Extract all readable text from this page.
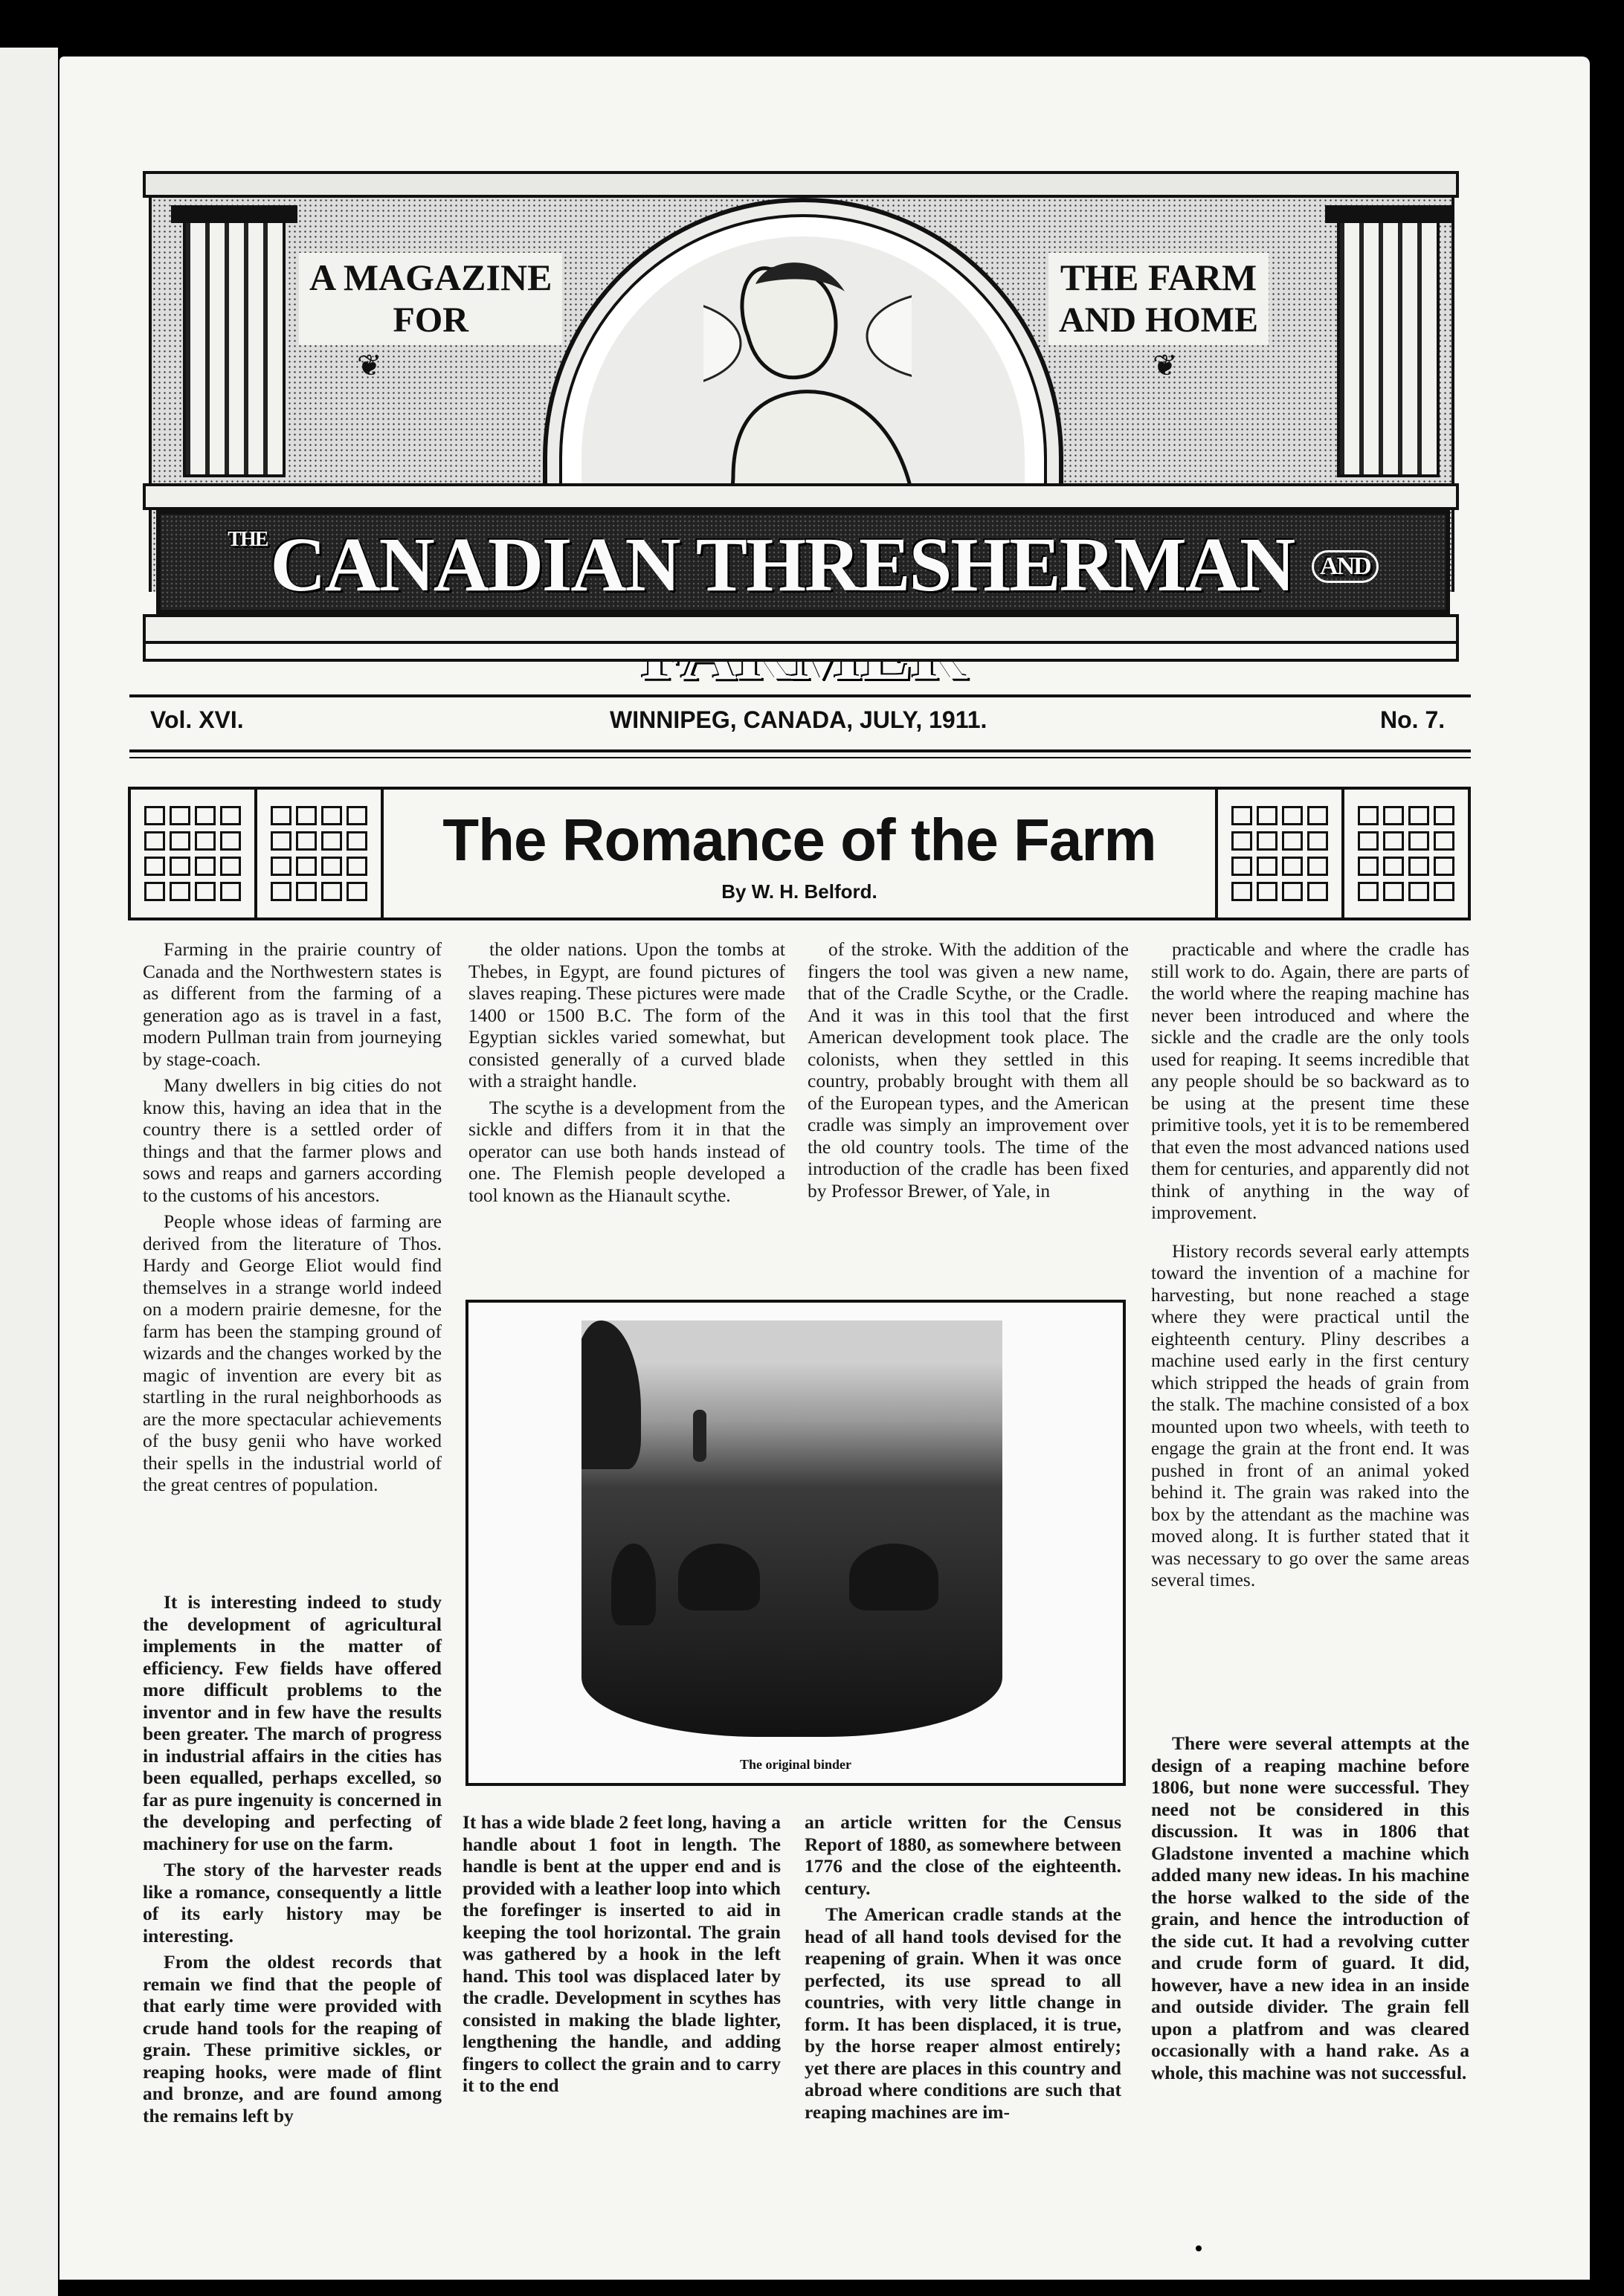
A MAGAZINE
FOR
❦
THE FARM
AND HOME
❦
$^{THE}$CANADIAN THRESHERMAN AND
Vol. XVI.	WINNIPEG, CANADA, JULY, 1911.	No. 7.
The Romance of the Farm
By W. H. Belford.

Farming in the prairie country of Canada and the Northwestern states is as different from the farming of a generation ago as is travel in a fast, modern Pullman train from journeying by stage-coach.

Many dwellers in big cities do not know this, having an idea that in the country there is a settled order of things and that the farmer plows and sows and reaps and garners according to the customs of his ancestors.

People whose ideas of farming are derived from the literature of Thos. Hardy and George Eliot would find themselves in a strange world indeed on a modern prairie demesne, for the farm has been the stamping ground of wizards and the changes worked by the magic of invention are every bit as startling in the rural neighborhoods as are the more spectacular achievements of the busy genii who have worked their spells in the industrial world of the great centres of population.

It is interesting indeed to study the development of agricultural implements in the matter of efficiency. Few fields have offered more difficult problems to the inventor and in few have the results been greater. The march of progress in industrial affairs in the cities has been equalled, perhaps excelled, so far as pure ingenuity is concerned in the developing and perfecting of machinery for use on the farm.

The story of the harvester reads like a romance, consequently a little of its early history may be interesting.

From the oldest records that remain we find that the people of that early time were provided with crude hand tools for the reaping of grain. These primitive sickles, or reaping hooks, were made of flint and bronze, and are found among the remains left by

the older nations. Upon the tombs at Thebes, in Egypt, are found pictures of slaves reaping. These pictures were made 1400 or 1500 B.C. The form of the Egyptian sickles varied somewhat, but consisted generally of a curved blade with a straight handle.

The scythe is a development from the sickle and differs from it in that the operator can use both hands instead of one. The Flemish people developed a tool known as the Hianault scythe.

of the stroke. With the addition of the fingers the tool was given a new name, that of the Cradle Scythe, or the Cradle. And it was in this tool that the first American development took place. The colonists, when they settled in this country, probably brought with them all of the European types, and the American cradle was simply an improvement over the old country tools. The time of the introduction of the cradle has been fixed by Professor Brewer, of Yale, in

practicable and where the cradle has still work to do. Again, there are parts of the world where the reaping machine has never been introduced and where the sickle and the cradle are the only tools used for reaping. It seems incredible that any people should be so backward as to be using at the present time these primitive tools, yet it is to be remembered that even the most advanced nations used them for centuries, and apparently did not think of anything in the way of improvement.

History records several early attempts toward the invention of a machine for harvesting, but none reached a stage where they were practical until the eighteenth century. Pliny describes a machine used early in the first century which stripped the heads of grain from the stalk. The machine consisted of a box mounted upon two wheels, with teeth to engage the grain at the front end. It was pushed in front of an animal yoked behind it. The grain was raked into the box by the attendant as the machine was moved along. It is further stated that it was necessary to go over the same areas several times.

There were several attempts at the design of a reaping machine before 1806, but none were successful. They need not be considered in this discussion. It was in 1806 that Gladstone invented a machine which added many new ideas. In his machine the horse walked to the side of the grain, and hence the introduction of the side cut. It had a revolving cutter and crude form of guard. It did, however, have a new idea in an inside and outside divider. The grain fell upon a platfrom and was cleared occasionally with a hand rake. As a whole, this machine was not successful.

The original binder

It has a wide blade 2 feet long, having a handle about 1 foot in length. The handle is bent at the upper end and is provided with a leather loop into which the forefinger is inserted to aid in keeping the tool horizontal. The grain was gathered by a hook in the left hand. This tool was displaced later by the cradle. Development in scythes has consisted in making the blade lighter, lengthening the handle, and adding fingers to collect the grain and to carry it to the end

an article written for the Census Report of 1880, as somewhere between 1776 and the close of the eighteenth. century.

The American cradle stands at the head of all hand tools devised for the reapening of grain. When it was once perfected, its use spread to all countries, with very little change in form. It has been displaced, it is true, by the horse reaper almost entirely; yet there are places in this country and abroad where conditions are such that reaping machines are im-
